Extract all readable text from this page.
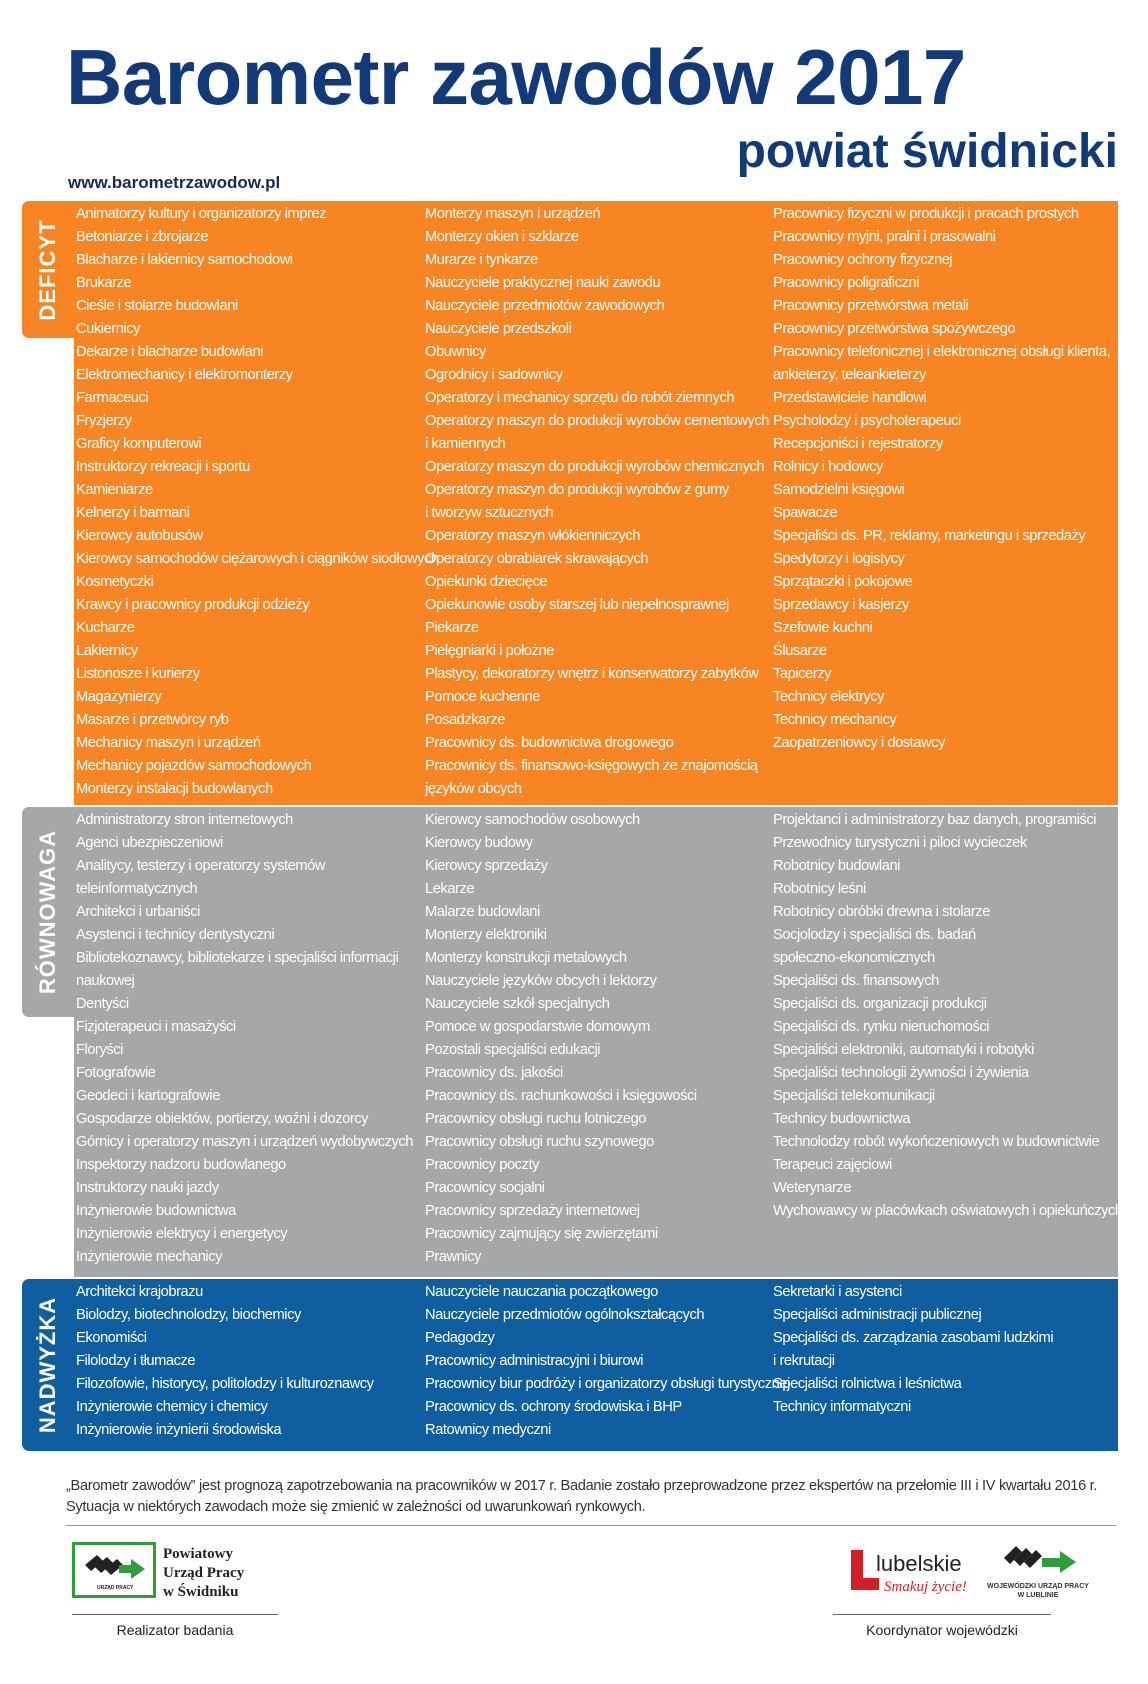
Barometr zawodów 2017
powiat świdnicki
www.barometrzawodow.pl
DEFICYT
Animatorzy kultury i organizatorzy imprez
Betoniarze i zbrojarze
Blacharze i lakiernicy samochodowi
Brukarze
Cieśle i stolarze budowlani
Cukiernicy
Dekarze i blacharze budowlani
Elektromechanicy i elektromonterzy
Farmaceuci
Fryzjerzy
Graficy komputerowi
Instruktorzy rekreacji i sportu
Kamieniarze
Kelnerzy i barmani
Kierowcy autobusów
Kierowcy samochodów ciężarowych i ciągników siodłowych
Kosmetyczki
Krawcy i pracownicy produkcji odzieży
Kucharze
Lakiernicy
Listonosze i kurierzy
Magazynierzy
Masarze i przetwórcy ryb
Mechanicy maszyn i urządzeń
Mechanicy pojazdów samochodowych
Monterzy instalacji budowlanych
Monterzy maszyn i urządzeń
Monterzy okien i szklarze
Murarze i tynkarze
Nauczyciele praktycznej nauki zawodu
Nauczyciele przedmiotów zawodowych
Nauczyciele przedszkoli
Obuwnicy
Ogrodnicy i sadownicy
Operatorzy i mechanicy sprzętu do robót ziemnych
Operatorzy maszyn do produkcji wyrobów cementowych
i kamiennych
Operatorzy maszyn do produkcji wyrobów chemicznych
Operatorzy maszyn do produkcji wyrobów z gumy
i tworzyw sztucznych
Operatorzy maszyn włókienniczych
Operatorzy obrabiarek skrawających
Opiekunki dziecięce
Opiekunowie osoby starszej lub niepełnosprawnej
Piekarze
Pielęgniarki i położne
Plastycy, dekoratorzy wnętrz i konserwatorzy zabytków
Pomoce kuchenne
Posadzkarze
Pracownicy ds. budownictwa drogowego
Pracownicy ds. finansowo-księgowych ze znajomością
języków obcych
Pracownicy fizyczni w produkcji i pracach prostych
Pracownicy myjni, pralni i prasowalni
Pracownicy ochrony fizycznej
Pracownicy poligraficzni
Pracownicy przetwórstwa metali
Pracownicy przetwórstwa spożywczego
Pracownicy telefonicznej i elektronicznej obsługi klienta,
ankieterzy, teleankieterzy
Przedstawiciele handlowi
Psycholodzy i psychoterapeuci
Recepcjoniści i rejestratorzy
Rolnicy i hodowcy
Samodzielni księgowi
Spawacze
Specjaliści ds. PR, reklamy, marketingu i sprzedaży
Spedytorzy i logistycy
Sprzątaczki i pokojowe
Sprzedawcy i kasjerzy
Szefowie kuchni
Ślusarze
Tapicerzy
Technicy elektrycy
Technicy mechanicy
Zaopatrzeniowcy i dostawcy
RÓWNOWAGA
Administratorzy stron internetowych
Agenci ubezpieczeniowi
Analitycy, testerzy i operatorzy systemów
teleinformatycznych
Architekci i urbaniści
Asystenci i technicy dentystyczni
Bibliotekoznawcy, bibliotekarze i specjaliści informacji
naukowej
Dentyści
Fizjoterapeuci i masażyści
Floryści
Fotografowie
Geodeci i kartografowie
Gospodarze obiektów, portierzy, woźni i dozorcy
Górnicy i operatorzy maszyn i urządzeń wydobywczych
Inspektorzy nadzoru budowlanego
Instruktorzy nauki jazdy
Inżynierowie budownictwa
Inżynierowie elektrycy i energetycy
Inżynierowie mechanicy
Kierowcy samochodów osobowych
Kierowcy budowy
Kierowcy sprzedaży
Lekarze
Malarze budowlani
Monterzy elektroniki
Monterzy konstrukcji metalowych
Nauczyciele języków obcych i lektorzy
Nauczyciele szkół specjalnych
Pomoce w gospodarstwie domowym
Pozostali specjaliści edukacji
Pracownicy ds. jakości
Pracownicy ds. rachunkowości i księgowości
Pracownicy obsługi ruchu lotniczego
Pracownicy obsługi ruchu szynowego
Pracownicy poczty
Pracownicy socjalni
Pracownicy sprzedaży internetowej
Pracownicy zajmujący się zwierzętami
Prawnicy
Projektanci i administratorzy baz danych, programiści
Przewodnicy turystyczni i piloci wycieczek
Robotnicy budowlani
Robotnicy leśni
Robotnicy obróbki drewna i stolarze
Socjolodzy i specjaliści ds. badań
społeczno-ekonomicznych
Specjaliści ds. finansowych
Specjaliści ds. organizacji produkcji
Specjaliści ds. rynku nieruchomości
Specjaliści elektroniki, automatyki i robotyki
Specjaliści technologii żywności i żywienia
Specjaliści telekomunikacji
Technicy budownictwa
Technolodzy robót wykończeniowych w budownictwie
Terapeuci zajęciowi
Weterynarze
Wychowawcy w placówkach oświatowych i opiekuńczych
NADWYŻKA
Architekci krajobrazu
Biolodzy, biotechnolodzy, biochemicy
Ekonomiści
Filolodzy i tłumacze
Filozofowie, historycy, politolodzy i kulturoznawcy
Inżynierowie chemicy i chemicy
Inżynierowie inżynierii środowiska
Nauczyciele nauczania początkowego
Nauczyciele przedmiotów ogólnokształcących
Pedagodzy
Pracownicy administracyjni i biurowi
Pracownicy biur podróży i organizatorzy obsługi turystycznej
Pracownicy ds. ochrony środowiska i BHP
Ratownicy medyczni
Sekretarki i asystenci
Specjaliści administracji publicznej
Specjaliści ds. zarządzania zasobami ludzkimi
i rekrutacji
Specjaliści rolnictwa i leśnictwa
Technicy informatyczni
„Barometr zawodów” jest prognozą zapotrzebowania na pracowników w 2017 r. Badanie zostało przeprowadzone przez ekspertów na przełomie III i IV kwartału 2016 r.
Sytuacja w niektórych zawodach może się zmienić w zależności od uwarunkowań rynkowych.
URZĄD PRACY
Powiatowy
Urząd Pracy
w Świdniku
Realizator badania
lubelskie
Smakuj życie!	WOJEWÓDZKI URZĄD PRACY
W LUBLINIE
Koordynator wojewódzki
